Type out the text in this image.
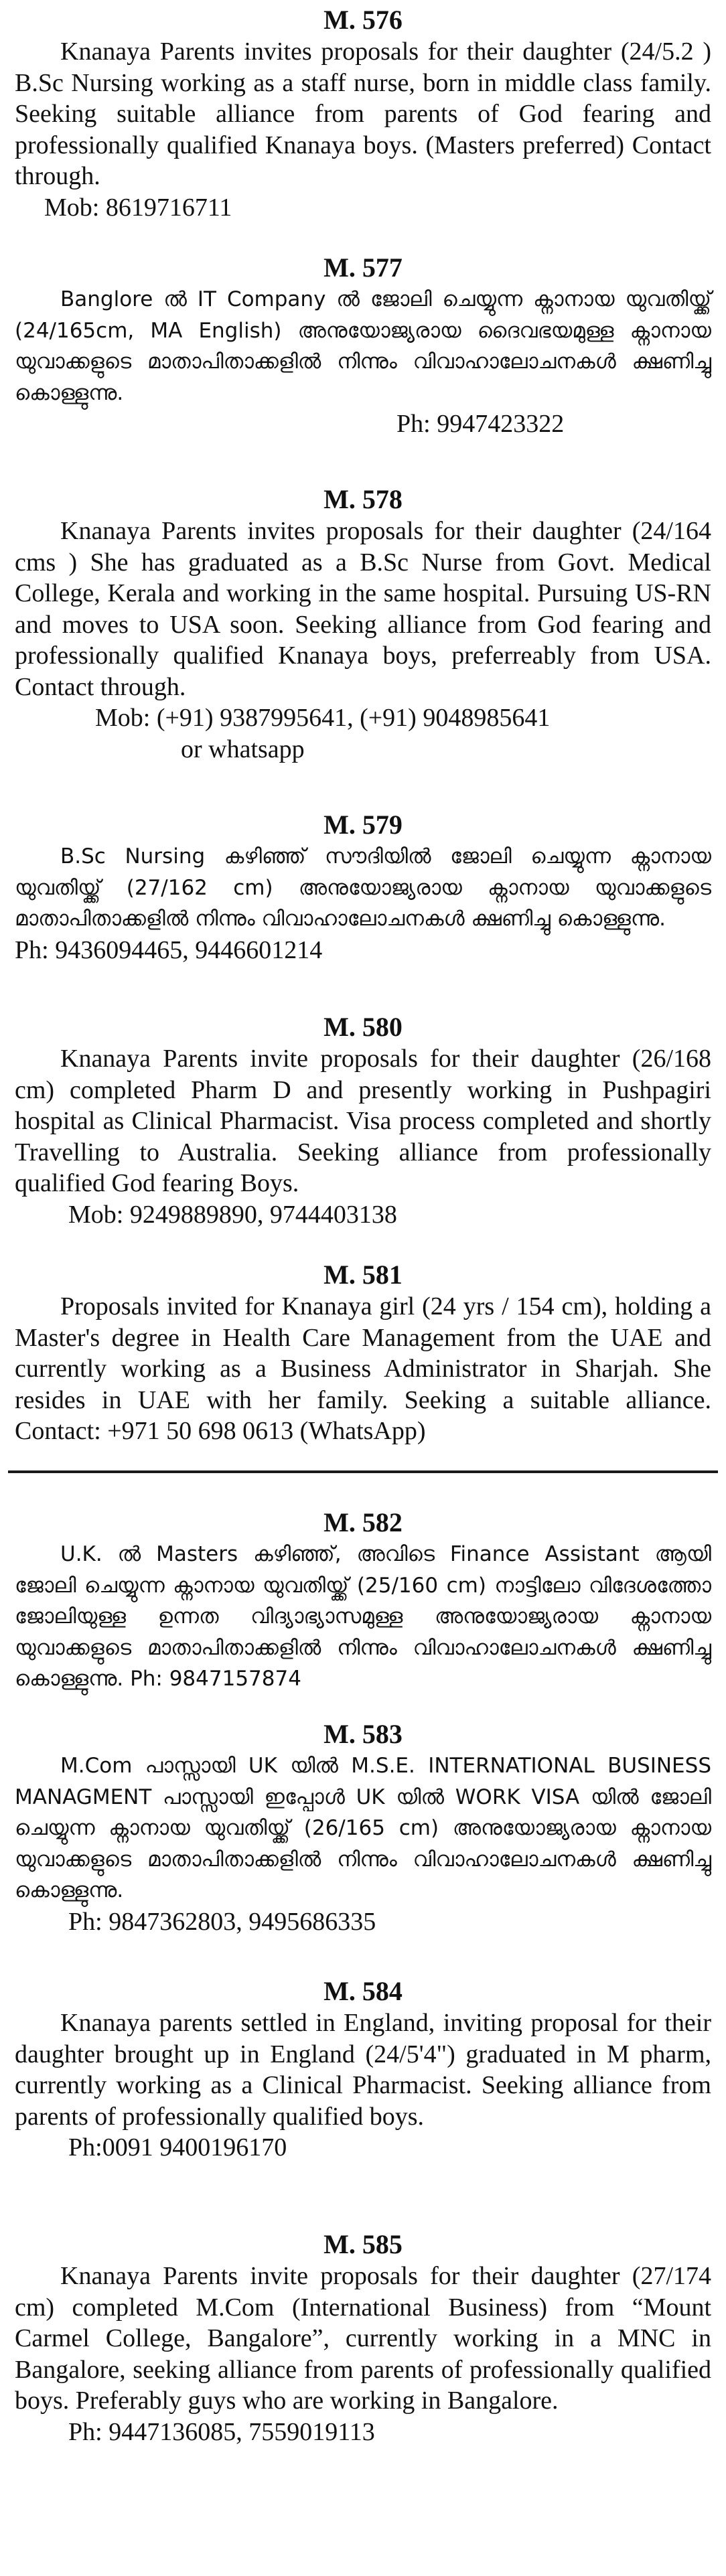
M. 576

Knanaya Parents invites proposals for their daughter (24/5.2 ) B.Sc Nursing working as a staff nurse, born in middle class family. Seeking suitable alliance from parents of God fearing and professionally qualified Knanaya boys. (Masters preferred) Contact through.

Mob: 8619716711

M. 577

Banglore ൽ IT Company ൽ ജോലി ചെയ്യുന്ന ക്നാനായ യുവതിയ്ക്ക് (24/165cm, MA English) അനുയോജ്യരായ ദൈവഭയമുള്ള ക്നാനായ യുവാക്കളുടെ മാതാപിതാക്കളിൽ നിന്നും വിവാഹാലോചനകൾ ക്ഷണിച്ചു കൊള്ളുന്നു.

Ph: 9947423322

M. 578

Knanaya Parents invites proposals for their daughter (24/164 cms ) She has graduated as a B.Sc Nurse from Govt. Medical College, Kerala and working in the same hospital. Pursuing US-RN and moves to USA soon. Seeking alliance from God fearing and professionally qualified Knanaya boys, preferreably from USA. Contact through.

Mob: (+91) 9387995641, (+91) 9048985641

or whatsapp

M. 579

B.Sc Nursing കഴിഞ്ഞ് സൗദിയിൽ ജോലി ചെയ്യുന്ന ക്നാനായ യുവതിയ്ക്ക് (27/162 cm) അനുയോജ്യരായ ക്നാനായ യുവാക്കളുടെ മാതാപിതാക്കളിൽ നിന്നും വിവാഹാലോചനകൾ ക്ഷണിച്ചു കൊള്ളുന്നു.

Ph: 9436094465, 9446601214

M. 580

Knanaya Parents invite proposals for their daughter (26/168 cm) completed Pharm D and presently working in Pushpagiri hospital as Clinical Pharmacist. Visa process completed and shortly Travelling to Australia. Seeking alliance from professionally qualified God fearing Boys.

Mob: 9249889890, 9744403138

M. 581

Proposals invited for Knanaya girl (24 yrs / 154 cm), holding a Master's degree in Health Care Management from the UAE and currently working as a Business Administrator in Sharjah. She resides in UAE with her family. Seeking a suitable alliance. Contact: +971 50 698 0613 (WhatsApp)

M. 582

U.K. ൽ Masters കഴിഞ്ഞ്, അവിടെ Finance Assistant ആയി ജോലി ചെയ്യുന്ന ക്നാനായ യുവതിയ്ക്ക് (25/160 cm) നാട്ടിലോ വിദേശത്തോ ജോലിയുള്ള ഉന്നത വിദ്യാഭ്യാസമുള്ള അനുയോജ്യരായ ക്നാനായ യുവാക്കളുടെ മാതാപിതാക്കളിൽ നിന്നും വിവാഹാലോചനകൾ ക്ഷണിച്ചു കൊള്ളുന്നു. Ph: 9847157874

M. 583

M.Com പാസ്സായി UK യിൽ M.S.E. INTERNATIONAL BUSINESS MANAGMENT പാസ്സായി ഇപ്പോൾ UK യിൽ WORK VISA യിൽ ജോലി ചെയ്യുന്ന ക്നാനായ യുവതിയ്ക്ക് (26/165 cm) അനുയോജ്യരായ ക്നാനായ യുവാക്കളുടെ മാതാപിതാക്കളിൽ നിന്നും വിവാഹാലോചനകൾ ക്ഷണിച്ചു കൊള്ളുന്നു.

Ph: 9847362803, 9495686335

M. 584

Knanaya parents settled in England, inviting proposal for their daughter brought up in England (24/5'4") graduated in M pharm, currently working as a Clinical Pharmacist. Seeking alliance from parents of professionally qualified boys.

Ph:0091 9400196170

M. 585

Knanaya Parents invite proposals for their daughter (27/174 cm) completed M.Com (International Business) from “Mount Carmel College, Bangalore”, currently working in a MNC in Bangalore, seeking alliance from parents of professionally qualified boys. Preferably guys who are working in Bangalore.

Ph: 9447136085, 7559019113
